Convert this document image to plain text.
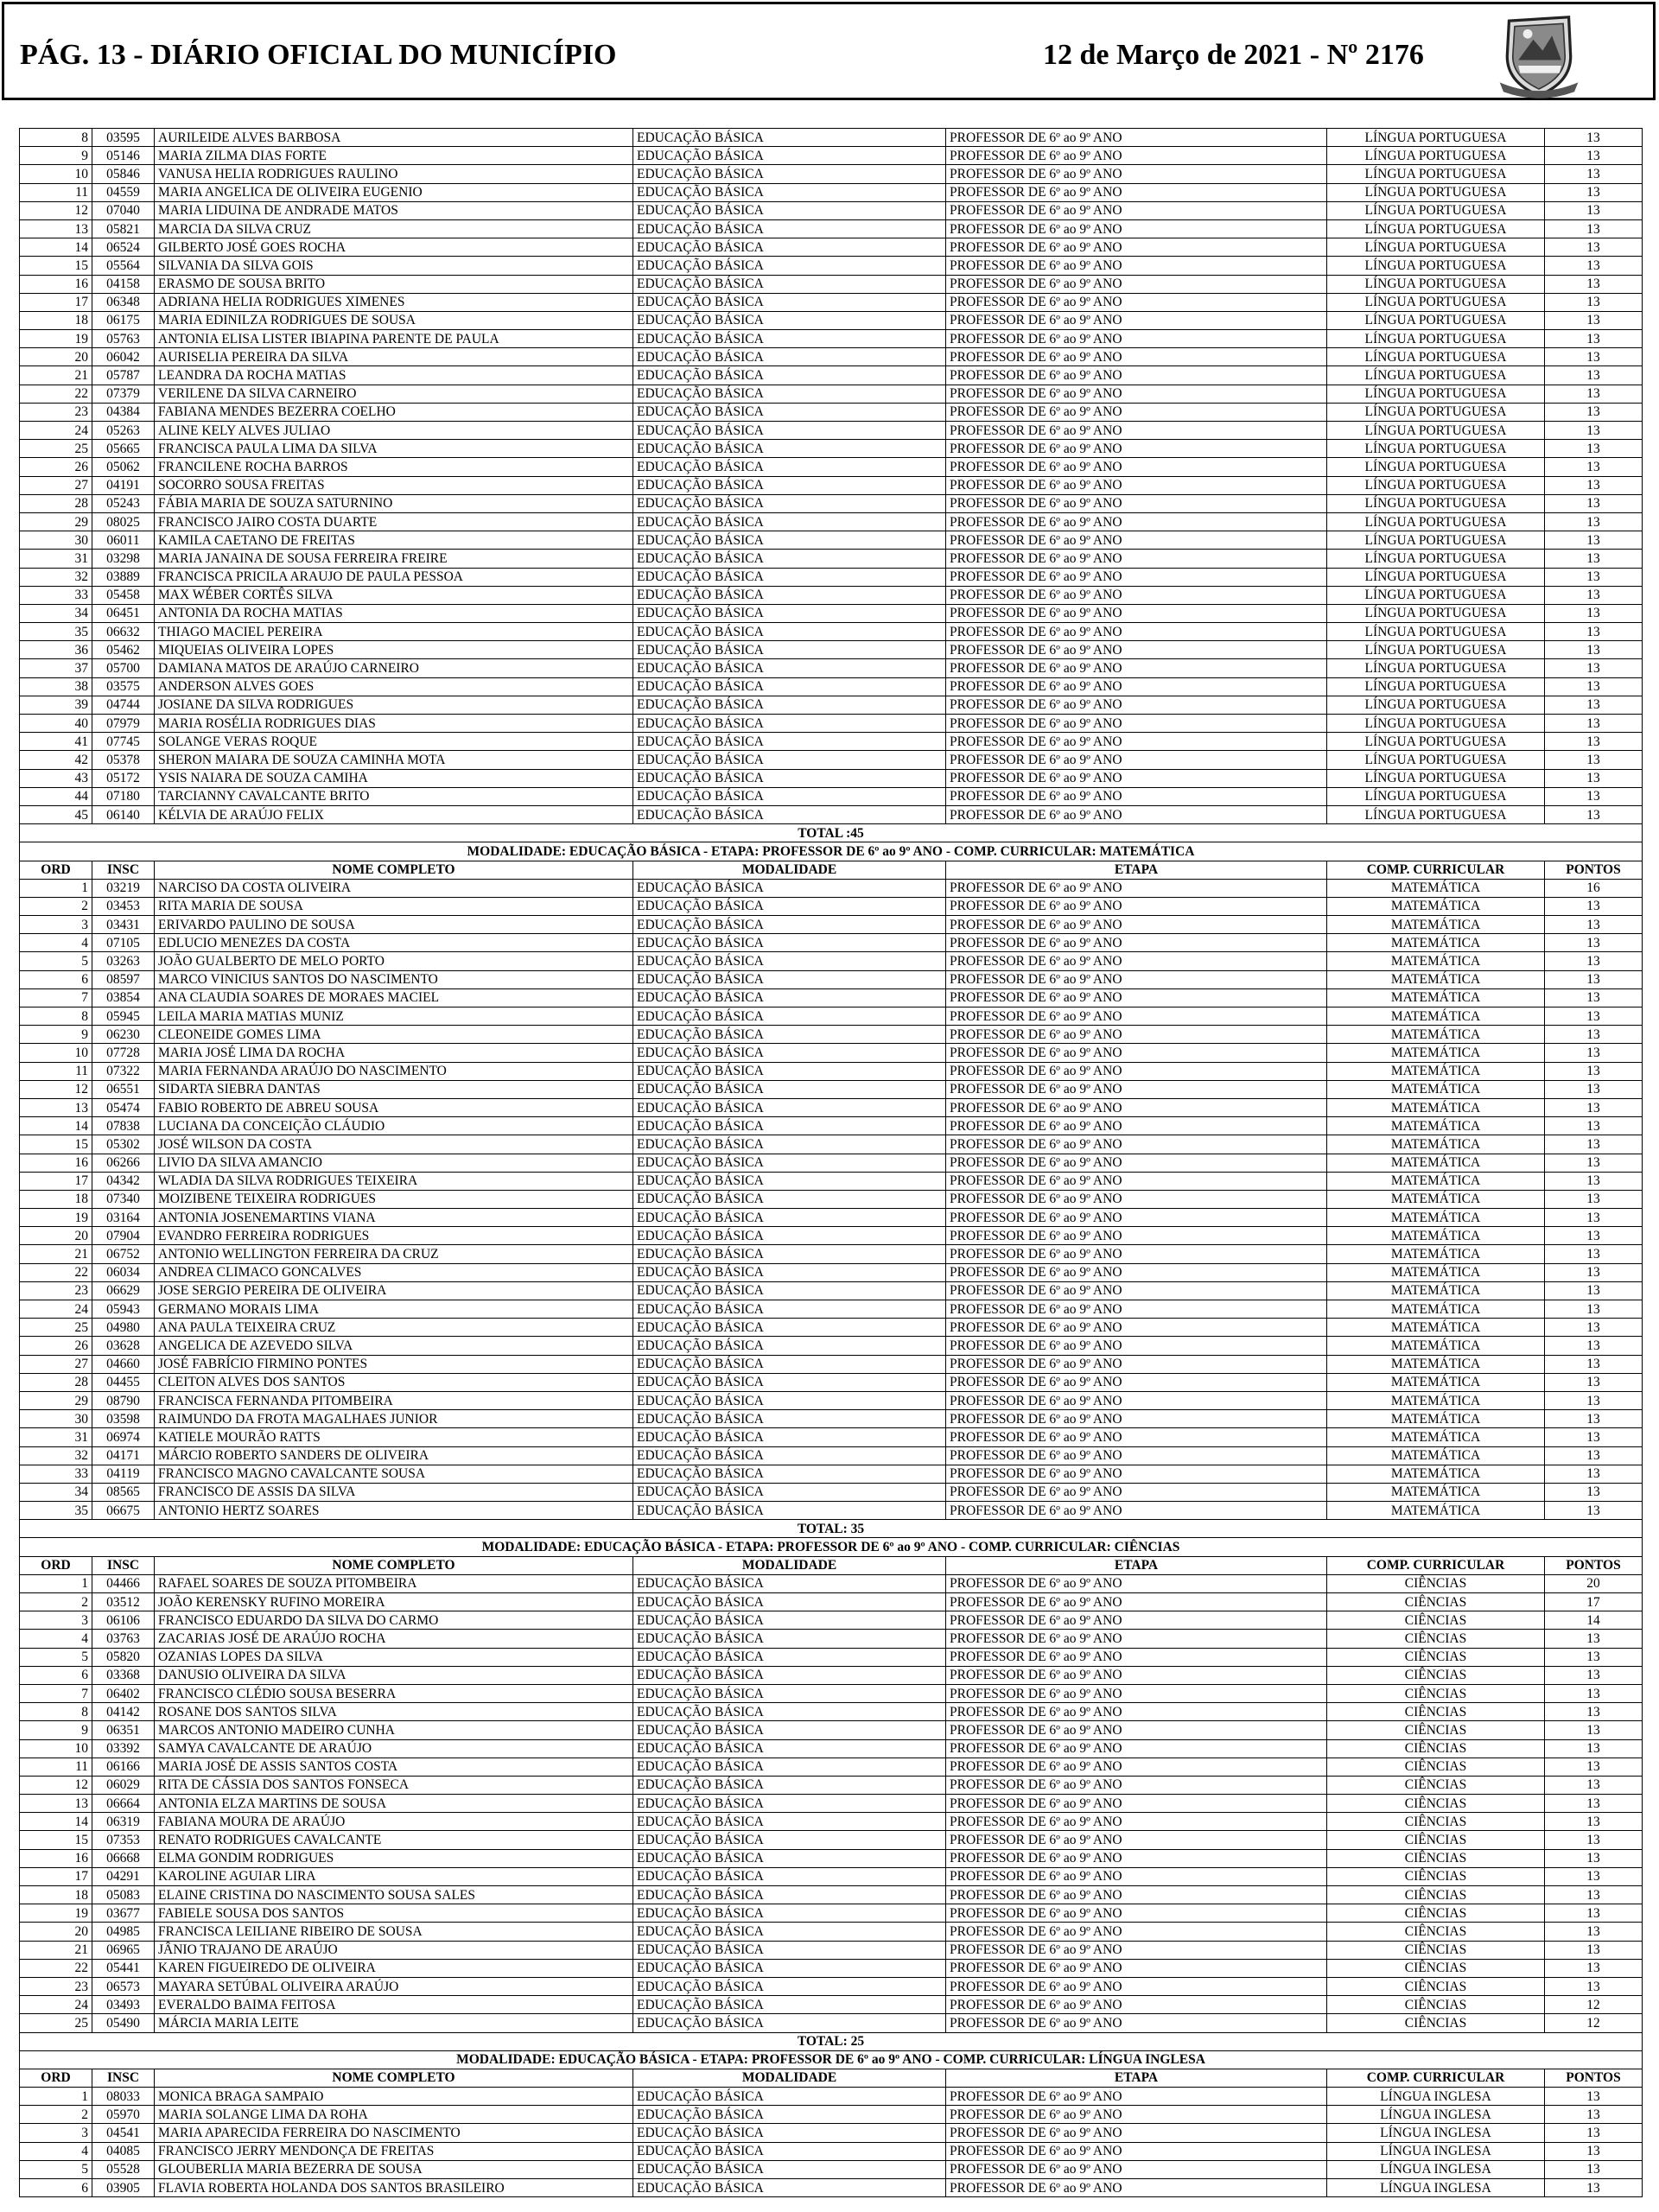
PÁG. 13 - DIÁRIO OFICIAL DO MUNICÍPIO	12 de Março de 2021 - Nº 2176
8	03595	AURILEIDE ALVES BARBOSA	EDUCAÇÃO BÁSICA	PROFESSOR DE 6º ao 9º ANO	LÍNGUA PORTUGUESA	13
9	05146	MARIA ZILMA DIAS FORTE	EDUCAÇÃO BÁSICA	PROFESSOR DE 6º ao 9º ANO	LÍNGUA PORTUGUESA	13
10	05846	VANUSA HELIA RODRIGUES RAULINO	EDUCAÇÃO BÁSICA	PROFESSOR DE 6º ao 9º ANO	LÍNGUA PORTUGUESA	13
11	04559	MARIA ANGELICA DE OLIVEIRA EUGENIO	EDUCAÇÃO BÁSICA	PROFESSOR DE 6º ao 9º ANO	LÍNGUA PORTUGUESA	13
12	07040	MARIA LIDUINA DE ANDRADE MATOS	EDUCAÇÃO BÁSICA	PROFESSOR DE 6º ao 9º ANO	LÍNGUA PORTUGUESA	13
13	05821	MARCIA DA SILVA CRUZ	EDUCAÇÃO BÁSICA	PROFESSOR DE 6º ao 9º ANO	LÍNGUA PORTUGUESA	13
14	06524	GILBERTO JOSÉ GOES ROCHA	EDUCAÇÃO BÁSICA	PROFESSOR DE 6º ao 9º ANO	LÍNGUA PORTUGUESA	13
15	05564	SILVANIA DA SILVA GOIS	EDUCAÇÃO BÁSICA	PROFESSOR DE 6º ao 9º ANO	LÍNGUA PORTUGUESA	13
16	04158	ERASMO DE SOUSA BRITO	EDUCAÇÃO BÁSICA	PROFESSOR DE 6º ao 9º ANO	LÍNGUA PORTUGUESA	13
17	06348	ADRIANA HELIA RODRIGUES XIMENES	EDUCAÇÃO BÁSICA	PROFESSOR DE 6º ao 9º ANO	LÍNGUA PORTUGUESA	13
18	06175	MARIA EDINILZA RODRIGUES DE SOUSA	EDUCAÇÃO BÁSICA	PROFESSOR DE 6º ao 9º ANO	LÍNGUA PORTUGUESA	13
19	05763	ANTONIA ELISA LISTER IBIAPINA PARENTE DE PAULA	EDUCAÇÃO BÁSICA	PROFESSOR DE 6º ao 9º ANO	LÍNGUA PORTUGUESA	13
20	06042	AURISELIA PEREIRA DA SILVA	EDUCAÇÃO BÁSICA	PROFESSOR DE 6º ao 9º ANO	LÍNGUA PORTUGUESA	13
21	05787	LEANDRA DA ROCHA MATIAS	EDUCAÇÃO BÁSICA	PROFESSOR DE 6º ao 9º ANO	LÍNGUA PORTUGUESA	13
22	07379	VERILENE DA SILVA CARNEIRO	EDUCAÇÃO BÁSICA	PROFESSOR DE 6º ao 9º ANO	LÍNGUA PORTUGUESA	13
23	04384	FABIANA MENDES BEZERRA COELHO	EDUCAÇÃO BÁSICA	PROFESSOR DE 6º ao 9º ANO	LÍNGUA PORTUGUESA	13
24	05263	ALINE KELY ALVES JULIAO	EDUCAÇÃO BÁSICA	PROFESSOR DE 6º ao 9º ANO	LÍNGUA PORTUGUESA	13
25	05665	FRANCISCA PAULA LIMA DA SILVA	EDUCAÇÃO BÁSICA	PROFESSOR DE 6º ao 9º ANO	LÍNGUA PORTUGUESA	13
26	05062	FRANCILENE ROCHA BARROS	EDUCAÇÃO BÁSICA	PROFESSOR DE 6º ao 9º ANO	LÍNGUA PORTUGUESA	13
27	04191	SOCORRO SOUSA FREITAS	EDUCAÇÃO BÁSICA	PROFESSOR DE 6º ao 9º ANO	LÍNGUA PORTUGUESA	13
28	05243	FÁBIA MARIA DE SOUZA SATURNINO	EDUCAÇÃO BÁSICA	PROFESSOR DE 6º ao 9º ANO	LÍNGUA PORTUGUESA	13
29	08025	FRANCISCO JAIRO COSTA DUARTE	EDUCAÇÃO BÁSICA	PROFESSOR DE 6º ao 9º ANO	LÍNGUA PORTUGUESA	13
30	06011	KAMILA CAETANO DE FREITAS	EDUCAÇÃO BÁSICA	PROFESSOR DE 6º ao 9º ANO	LÍNGUA PORTUGUESA	13
31	03298	MARIA JANAINA DE SOUSA FERREIRA FREIRE	EDUCAÇÃO BÁSICA	PROFESSOR DE 6º ao 9º ANO	LÍNGUA PORTUGUESA	13
32	03889	FRANCISCA PRICILA ARAUJO DE PAULA PESSOA	EDUCAÇÃO BÁSICA	PROFESSOR DE 6º ao 9º ANO	LÍNGUA PORTUGUESA	13
33	05458	MAX WÉBER CORTÊS SILVA	EDUCAÇÃO BÁSICA	PROFESSOR DE 6º ao 9º ANO	LÍNGUA PORTUGUESA	13
34	06451	ANTONIA DA ROCHA MATIAS	EDUCAÇÃO BÁSICA	PROFESSOR DE 6º ao 9º ANO	LÍNGUA PORTUGUESA	13
35	06632	THIAGO MACIEL PEREIRA	EDUCAÇÃO BÁSICA	PROFESSOR DE 6º ao 9º ANO	LÍNGUA PORTUGUESA	13
36	05462	MIQUEIAS OLIVEIRA LOPES	EDUCAÇÃO BÁSICA	PROFESSOR DE 6º ao 9º ANO	LÍNGUA PORTUGUESA	13
37	05700	DAMIANA MATOS DE ARAÚJO CARNEIRO	EDUCAÇÃO BÁSICA	PROFESSOR DE 6º ao 9º ANO	LÍNGUA PORTUGUESA	13
38	03575	ANDERSON ALVES GOES	EDUCAÇÃO BÁSICA	PROFESSOR DE 6º ao 9º ANO	LÍNGUA PORTUGUESA	13
39	04744	JOSIANE DA SILVA RODRIGUES	EDUCAÇÃO BÁSICA	PROFESSOR DE 6º ao 9º ANO	LÍNGUA PORTUGUESA	13
40	07979	MARIA ROSÉLIA RODRIGUES DIAS	EDUCAÇÃO BÁSICA	PROFESSOR DE 6º ao 9º ANO	LÍNGUA PORTUGUESA	13
41	07745	SOLANGE VERAS ROQUE	EDUCAÇÃO BÁSICA	PROFESSOR DE 6º ao 9º ANO	LÍNGUA PORTUGUESA	13
42	05378	SHERON MAIARA DE SOUZA CAMINHA MOTA	EDUCAÇÃO BÁSICA	PROFESSOR DE 6º ao 9º ANO	LÍNGUA PORTUGUESA	13
43	05172	YSIS NAIARA DE SOUZA CAMIHA	EDUCAÇÃO BÁSICA	PROFESSOR DE 6º ao 9º ANO	LÍNGUA PORTUGUESA	13
44	07180	TARCIANNY CAVALCANTE BRITO	EDUCAÇÃO BÁSICA	PROFESSOR DE 6º ao 9º ANO	LÍNGUA PORTUGUESA	13
45	06140	KÉLVIA DE ARAÚJO FELIX	EDUCAÇÃO BÁSICA	PROFESSOR DE 6º ao 9º ANO	LÍNGUA PORTUGUESA	13
TOTAL :45						
MODALIDADE: EDUCAÇÃO BÁSICA - ETAPA: PROFESSOR DE 6º ao 9º ANO - COMP. CURRICULAR: MATEMÁTICA						
ORD	INSC	NOME COMPLETO	MODALIDADE	ETAPA	COMP. CURRICULAR	PONTOS
1	03219	NARCISO DA COSTA OLIVEIRA	EDUCAÇÃO BÁSICA	PROFESSOR DE 6º ao 9º ANO	MATEMÁTICA	16
2	03453	RITA MARIA DE SOUSA	EDUCAÇÃO BÁSICA	PROFESSOR DE 6º ao 9º ANO	MATEMÁTICA	13
3	03431	ERIVARDO PAULINO DE SOUSA	EDUCAÇÃO BÁSICA	PROFESSOR DE 6º ao 9º ANO	MATEMÁTICA	13
4	07105	EDLUCIO MENEZES DA COSTA	EDUCAÇÃO BÁSICA	PROFESSOR DE 6º ao 9º ANO	MATEMÁTICA	13
5	03263	JOÃO GUALBERTO DE MELO PORTO	EDUCAÇÃO BÁSICA	PROFESSOR DE 6º ao 9º ANO	MATEMÁTICA	13
6	08597	MARCO VINICIUS SANTOS DO NASCIMENTO	EDUCAÇÃO BÁSICA	PROFESSOR DE 6º ao 9º ANO	MATEMÁTICA	13
7	03854	ANA CLAUDIA SOARES DE MORAES MACIEL	EDUCAÇÃO BÁSICA	PROFESSOR DE 6º ao 9º ANO	MATEMÁTICA	13
8	05945	LEILA MARIA MATIAS MUNIZ	EDUCAÇÃO BÁSICA	PROFESSOR DE 6º ao 9º ANO	MATEMÁTICA	13
9	06230	CLEONEIDE GOMES LIMA	EDUCAÇÃO BÁSICA	PROFESSOR DE 6º ao 9º ANO	MATEMÁTICA	13
10	07728	MARIA JOSÉ LIMA DA ROCHA	EDUCAÇÃO BÁSICA	PROFESSOR DE 6º ao 9º ANO	MATEMÁTICA	13
11	07322	MARIA FERNANDA ARAÚJO DO NASCIMENTO	EDUCAÇÃO BÁSICA	PROFESSOR DE 6º ao 9º ANO	MATEMÁTICA	13
12	06551	SIDARTA SIEBRA DANTAS	EDUCAÇÃO BÁSICA	PROFESSOR DE 6º ao 9º ANO	MATEMÁTICA	13
13	05474	FABIO ROBERTO DE ABREU SOUSA	EDUCAÇÃO BÁSICA	PROFESSOR DE 6º ao 9º ANO	MATEMÁTICA	13
14	07838	LUCIANA DA CONCEIÇÃO CLÁUDIO	EDUCAÇÃO BÁSICA	PROFESSOR DE 6º ao 9º ANO	MATEMÁTICA	13
15	05302	JOSÉ WILSON DA COSTA	EDUCAÇÃO BÁSICA	PROFESSOR DE 6º ao 9º ANO	MATEMÁTICA	13
16	06266	LIVIO DA SILVA AMANCIO	EDUCAÇÃO BÁSICA	PROFESSOR DE 6º ao 9º ANO	MATEMÁTICA	13
17	04342	WLADIA DA SILVA RODRIGUES TEIXEIRA	EDUCAÇÃO BÁSICA	PROFESSOR DE 6º ao 9º ANO	MATEMÁTICA	13
18	07340	MOIZIBENE TEIXEIRA RODRIGUES	EDUCAÇÃO BÁSICA	PROFESSOR DE 6º ao 9º ANO	MATEMÁTICA	13
19	03164	ANTONIA JOSENEMARTINS VIANA	EDUCAÇÃO BÁSICA	PROFESSOR DE 6º ao 9º ANO	MATEMÁTICA	13
20	07904	EVANDRO FERREIRA RODRIGUES	EDUCAÇÃO BÁSICA	PROFESSOR DE 6º ao 9º ANO	MATEMÁTICA	13
21	06752	ANTONIO WELLINGTON FERREIRA DA CRUZ	EDUCAÇÃO BÁSICA	PROFESSOR DE 6º ao 9º ANO	MATEMÁTICA	13
22	06034	ANDREA CLIMACO GONCALVES	EDUCAÇÃO BÁSICA	PROFESSOR DE 6º ao 9º ANO	MATEMÁTICA	13
23	06629	JOSE SERGIO PEREIRA DE OLIVEIRA	EDUCAÇÃO BÁSICA	PROFESSOR DE 6º ao 9º ANO	MATEMÁTICA	13
24	05943	GERMANO MORAIS LIMA	EDUCAÇÃO BÁSICA	PROFESSOR DE 6º ao 9º ANO	MATEMÁTICA	13
25	04980	ANA PAULA TEIXEIRA CRUZ	EDUCAÇÃO BÁSICA	PROFESSOR DE 6º ao 9º ANO	MATEMÁTICA	13
26	03628	ANGELICA DE AZEVEDO SILVA	EDUCAÇÃO BÁSICA	PROFESSOR DE 6º ao 9º ANO	MATEMÁTICA	13
27	04660	JOSÉ FABRÍCIO FIRMINO PONTES	EDUCAÇÃO BÁSICA	PROFESSOR DE 6º ao 9º ANO	MATEMÁTICA	13
28	04455	CLEITON ALVES DOS SANTOS	EDUCAÇÃO BÁSICA	PROFESSOR DE 6º ao 9º ANO	MATEMÁTICA	13
29	08790	FRANCISCA FERNANDA PITOMBEIRA	EDUCAÇÃO BÁSICA	PROFESSOR DE 6º ao 9º ANO	MATEMÁTICA	13
30	03598	RAIMUNDO DA FROTA MAGALHAES JUNIOR	EDUCAÇÃO BÁSICA	PROFESSOR DE 6º ao 9º ANO	MATEMÁTICA	13
31	06974	KATIELE MOURÃO RATTS	EDUCAÇÃO BÁSICA	PROFESSOR DE 6º ao 9º ANO	MATEMÁTICA	13
32	04171	MÁRCIO ROBERTO SANDERS DE OLIVEIRA	EDUCAÇÃO BÁSICA	PROFESSOR DE 6º ao 9º ANO	MATEMÁTICA	13
33	04119	FRANCISCO MAGNO CAVALCANTE SOUSA	EDUCAÇÃO BÁSICA	PROFESSOR DE 6º ao 9º ANO	MATEMÁTICA	13
34	08565	FRANCISCO DE ASSIS DA SILVA	EDUCAÇÃO BÁSICA	PROFESSOR DE 6º ao 9º ANO	MATEMÁTICA	13
35	06675	ANTONIO HERTZ SOARES	EDUCAÇÃO BÁSICA	PROFESSOR DE 6º ao 9º ANO	MATEMÁTICA	13
TOTAL: 35						
MODALIDADE: EDUCAÇÃO BÁSICA - ETAPA: PROFESSOR DE 6º ao 9º ANO - COMP. CURRICULAR: CIÊNCIAS						
ORD	INSC	NOME COMPLETO	MODALIDADE	ETAPA	COMP. CURRICULAR	PONTOS
1	04466	RAFAEL SOARES DE SOUZA PITOMBEIRA	EDUCAÇÃO BÁSICA	PROFESSOR DE 6º ao 9º ANO	CIÊNCIAS	20
2	03512	JOÃO KERENSKY RUFINO MOREIRA	EDUCAÇÃO BÁSICA	PROFESSOR DE 6º ao 9º ANO	CIÊNCIAS	17
3	06106	FRANCISCO EDUARDO DA SILVA DO CARMO	EDUCAÇÃO BÁSICA	PROFESSOR DE 6º ao 9º ANO	CIÊNCIAS	14
4	03763	ZACARIAS JOSÉ DE ARAÚJO ROCHA	EDUCAÇÃO BÁSICA	PROFESSOR DE 6º ao 9º ANO	CIÊNCIAS	13
5	05820	OZANIAS LOPES DA SILVA	EDUCAÇÃO BÁSICA	PROFESSOR DE 6º ao 9º ANO	CIÊNCIAS	13
6	03368	DANUSIO OLIVEIRA DA SILVA	EDUCAÇÃO BÁSICA	PROFESSOR DE 6º ao 9º ANO	CIÊNCIAS	13
7	06402	FRANCISCO CLÉDIO SOUSA BESERRA	EDUCAÇÃO BÁSICA	PROFESSOR DE 6º ao 9º ANO	CIÊNCIAS	13
8	04142	ROSANE DOS SANTOS SILVA	EDUCAÇÃO BÁSICA	PROFESSOR DE 6º ao 9º ANO	CIÊNCIAS	13
9	06351	MARCOS ANTONIO MADEIRO CUNHA	EDUCAÇÃO BÁSICA	PROFESSOR DE 6º ao 9º ANO	CIÊNCIAS	13
10	03392	SAMYA CAVALCANTE DE ARAÚJO	EDUCAÇÃO BÁSICA	PROFESSOR DE 6º ao 9º ANO	CIÊNCIAS	13
11	06166	MARIA JOSÉ DE ASSIS SANTOS COSTA	EDUCAÇÃO BÁSICA	PROFESSOR DE 6º ao 9º ANO	CIÊNCIAS	13
12	06029	RITA DE CÁSSIA DOS SANTOS FONSECA	EDUCAÇÃO BÁSICA	PROFESSOR DE 6º ao 9º ANO	CIÊNCIAS	13
13	06664	ANTONIA ELZA MARTINS DE SOUSA	EDUCAÇÃO BÁSICA	PROFESSOR DE 6º ao 9º ANO	CIÊNCIAS	13
14	06319	FABIANA MOURA DE ARAÚJO	EDUCAÇÃO BÁSICA	PROFESSOR DE 6º ao 9º ANO	CIÊNCIAS	13
15	07353	RENATO RODRIGUES CAVALCANTE	EDUCAÇÃO BÁSICA	PROFESSOR DE 6º ao 9º ANO	CIÊNCIAS	13
16	06668	ELMA GONDIM RODRIGUES	EDUCAÇÃO BÁSICA	PROFESSOR DE 6º ao 9º ANO	CIÊNCIAS	13
17	04291	KAROLINE AGUIAR LIRA	EDUCAÇÃO BÁSICA	PROFESSOR DE 6º ao 9º ANO	CIÊNCIAS	13
18	05083	ELAINE CRISTINA DO NASCIMENTO SOUSA SALES	EDUCAÇÃO BÁSICA	PROFESSOR DE 6º ao 9º ANO	CIÊNCIAS	13
19	03677	FABIELE SOUSA DOS SANTOS	EDUCAÇÃO BÁSICA	PROFESSOR DE 6º ao 9º ANO	CIÊNCIAS	13
20	04985	FRANCISCA LEILIANE RIBEIRO DE SOUSA	EDUCAÇÃO BÁSICA	PROFESSOR DE 6º ao 9º ANO	CIÊNCIAS	13
21	06965	JÂNIO TRAJANO DE ARAÚJO	EDUCAÇÃO BÁSICA	PROFESSOR DE 6º ao 9º ANO	CIÊNCIAS	13
22	05441	KAREN FIGUEIREDO DE OLIVEIRA	EDUCAÇÃO BÁSICA	PROFESSOR DE 6º ao 9º ANO	CIÊNCIAS	13
23	06573	MAYARA SETÚBAL OLIVEIRA ARAÚJO	EDUCAÇÃO BÁSICA	PROFESSOR DE 6º ao 9º ANO	CIÊNCIAS	13
24	03493	EVERALDO BAIMA FEITOSA	EDUCAÇÃO BÁSICA	PROFESSOR DE 6º ao 9º ANO	CIÊNCIAS	12
25	05490	MÁRCIA MARIA LEITE	EDUCAÇÃO BÁSICA	PROFESSOR DE 6º ao 9º ANO	CIÊNCIAS	12
TOTAL: 25						
MODALIDADE: EDUCAÇÃO BÁSICA - ETAPA: PROFESSOR DE 6º ao 9º ANO - COMP. CURRICULAR: LÍNGUA INGLESA						
ORD	INSC	NOME COMPLETO	MODALIDADE	ETAPA	COMP. CURRICULAR	PONTOS
1	08033	MONICA BRAGA SAMPAIO	EDUCAÇÃO BÁSICA	PROFESSOR DE 6º ao 9º ANO	LÍNGUA INGLESA	13
2	05970	MARIA SOLANGE LIMA DA ROHA	EDUCAÇÃO BÁSICA	PROFESSOR DE 6º ao 9º ANO	LÍNGUA INGLESA	13
3	04541	MARIA APARECIDA FERREIRA DO NASCIMENTO	EDUCAÇÃO BÁSICA	PROFESSOR DE 6º ao 9º ANO	LÍNGUA INGLESA	13
4	04085	FRANCISCO JERRY MENDONÇA DE FREITAS	EDUCAÇÃO BÁSICA	PROFESSOR DE 6º ao 9º ANO	LÍNGUA INGLESA	13
5	05528	GLOUBERLIA MARIA BEZERRA DE SOUSA	EDUCAÇÃO BÁSICA	PROFESSOR DE 6º ao 9º ANO	LÍNGUA INGLESA	13
6	03905	FLAVIA ROBERTA HOLANDA DOS SANTOS BRASILEIRO	EDUCAÇÃO BÁSICA	PROFESSOR DE 6º ao 9º ANO	LÍNGUA INGLESA	13
